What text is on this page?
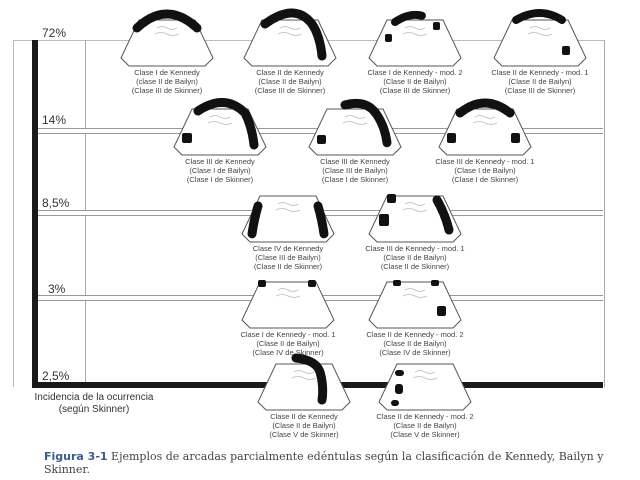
72%
14%
8,5%
3%
2,5%
Incidencia de la ocurrencia
(según Skinner)
Clase I de Kennedy
(clase II de Bailyn)
(Clase III de Skinner)
Clase II de Kennedy
(Clase II de Bailyn)
(Clase III de Skinner)
Clase I de Kennedy - mod. 2
(Clase II de Bailyn)
(Clase III de Skinner)
Clase II de Kennedy - mod. 1
(Clase II de Bailyn)
(Clase III de Skinner)
Clase III de Kennedy
(Clase I de Bailyn)
(Clase I de Skinner)
Clase III de Kennedy
(Clase III de Bailyn)
(Clase I de Skinner)
Clase III de Kennedy - mod. 1
(Clase I de Bailyn)
(Clase I de Skinner)
Clase IV de Kennedy
(Clase III de Bailyn)
(Clase II de Skinner)
Clase III de Kennedy - mod. 1
(Clase II de Bailyn)
(Clase II de Skinner)
Clase I de Kennedy - mod. 1
(Clase II de Bailyn)
(Clase IV de Skinner)
Clase II de Kennedy - mod. 2
(Clase II de Bailyn)
(Clase IV de Skinner)
Clase II de Kennedy
(Clase II de Bailyn)
(Clase V de Skinner)
Clase II de Kennedy - mod. 2
(Clase II de Bailyn)
(Clase V de Skinner)
Figura 3-1 Ejemplos de arcadas parcialmente edéntulas según la clasificación de Kennedy, Bailyn y Skinner.
